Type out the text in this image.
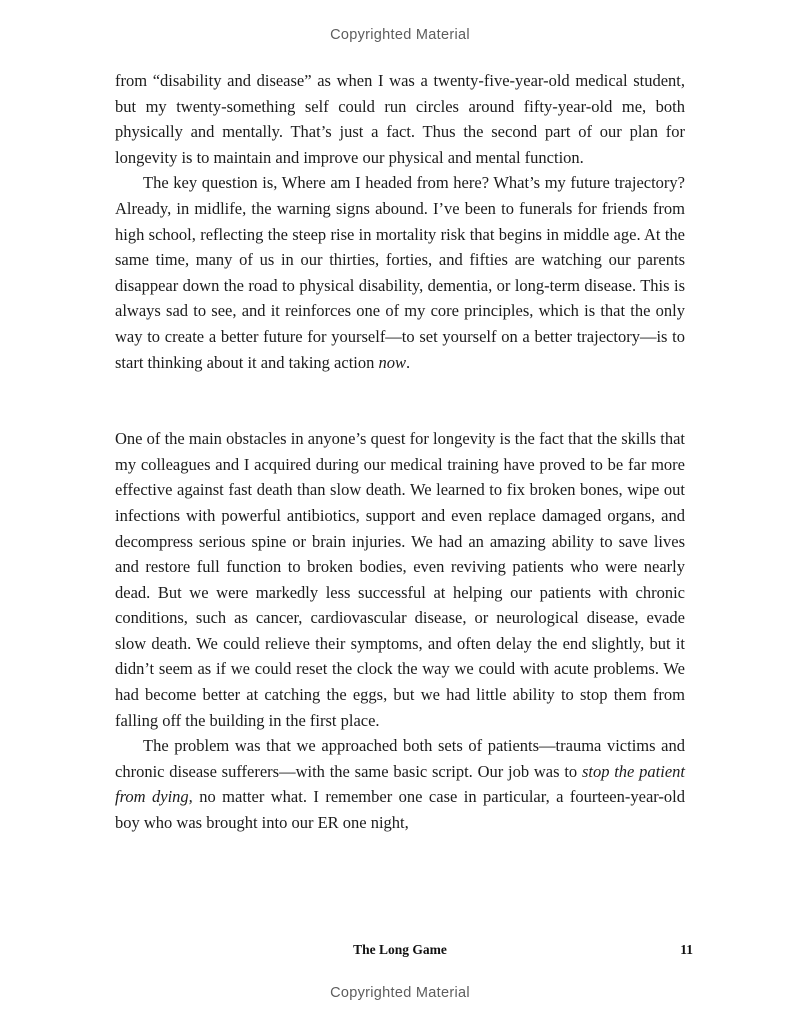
Copyrighted Material

from “disability and disease” as when I was a twenty-five-year-old medical student, but my twenty-something self could run circles around fifty-year-old me, both physically and mentally. That’s just a fact. Thus the second part of our plan for longevity is to maintain and improve our physical and mental function.

The key question is, Where am I headed from here? What’s my future trajectory? Already, in midlife, the warning signs abound. I’ve been to funerals for friends from high school, reflecting the steep rise in mortality risk that begins in middle age. At the same time, many of us in our thirties, forties, and fifties are watching our parents disappear down the road to physical disability, dementia, or long-term disease. This is always sad to see, and it reinforces one of my core principles, which is that the only way to create a better future for yourself—to set yourself on a better trajectory—is to start thinking about it and taking action now.

One of the main obstacles in anyone’s quest for longevity is the fact that the skills that my colleagues and I acquired during our medical training have proved to be far more effective against fast death than slow death. We learned to fix broken bones, wipe out infections with powerful antibiotics, support and even replace damaged organs, and decompress serious spine or brain injuries. We had an amazing ability to save lives and restore full function to broken bodies, even reviving patients who were nearly dead. But we were markedly less successful at helping our patients with chronic conditions, such as cancer, cardiovascular disease, or neurological disease, evade slow death. We could relieve their symptoms, and often delay the end slightly, but it didn’t seem as if we could reset the clock the way we could with acute problems. We had become better at catching the eggs, but we had little ability to stop them from falling off the building in the first place.

The problem was that we approached both sets of patients—trauma victims and chronic disease sufferers—with the same basic script. Our job was to stop the patient from dying, no matter what. I remember one case in particular, a fourteen-year-old boy who was brought into our ER one night,

The Long Game	11
Copyrighted Material
